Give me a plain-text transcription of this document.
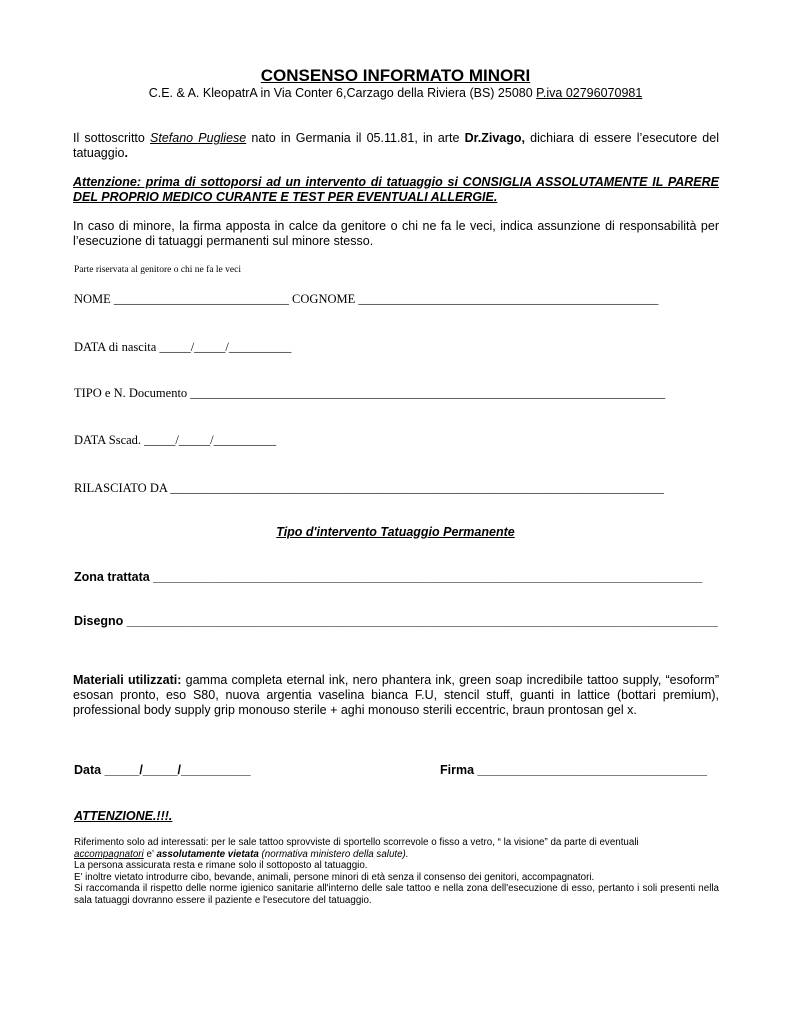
CONSENSO INFORMATO MINORI
C.E. & A. KleopatrA in Via Conter 6,Carzago della Riviera (BS) 25080 P.iva 02796070981
Il sottoscritto Stefano Pugliese nato in Germania il 05.11.81, in arte Dr.Zivago, dichiara di essere l’esecutore del tatuaggio.
Attenzione: prima di sottoporsi ad un intervento di tatuaggio si CONSIGLIA ASSOLUTAMENTE IL PARERE DEL PROPRIO MEDICO CURANTE E TEST PER EVENTUALI ALLERGIE.
In caso di minore, la firma apposta in calce da genitore o chi ne fa le veci, indica assunzione di responsabilità per l’esecuzione di tatuaggi permanenti sul minore stesso.
Parte riservata al genitore o chi ne fa le veci
NOME ____________________________ COGNOME ________________________________________________
DATA di nascita _____/_____/__________
TIPO e N. Documento ____________________________________________________________________________
DATA Sscad. _____/_____/__________
RILASCIATO DA _______________________________________________________________________________
Tipo d'intervento Tatuaggio Permanente
Zona trattata _______________________________________________________________________________
Disegno _____________________________________________________________________________________
Materiali utilizzati: gamma completa eternal ink, nero phantera ink, green soap incredibile tattoo supply, “esoform” esosan pronto, eso S80, nuova argentia vaselina bianca F.U, stencil stuff, guanti in lattice (bottari premium), professional body supply grip monouso sterile + aghi monouso sterili eccentric, braun prontosan gel x.
Data _____/_____/__________	Firma _________________________________
ATTENZIONE.!!!.

Riferimento solo ad interessati: per le sale tattoo sprovviste di sportello scorrevole o fisso a vetro, “ la visione” da parte di eventuali

accompagnatori e’ assolutamente vietata (normativa ministero della salute).

La persona assicurata resta e rimane solo il sottoposto al tatuaggio.

E’ inoltre vietato introdurre cibo, bevande, animali, persone minori di età senza il consenso dei genitori, accompagnatori.

Si raccomanda il rispetto delle norme igienico sanitarie all'interno delle sale tattoo e nella zona dell'esecuzione di esso, pertanto i soli presenti nella sala tatuaggi dovranno essere il paziente e l'esecutore del tatuaggio.
